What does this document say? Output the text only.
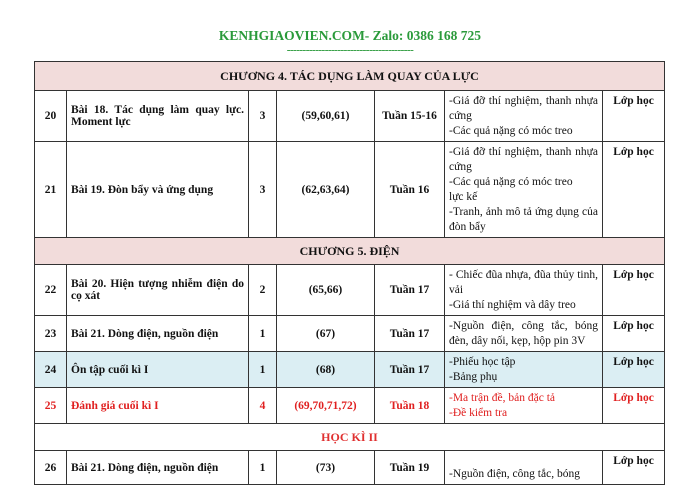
KENHGIAOVIEN.COM- Zalo: 0386 168 725
----------------------------------------
CHƯƠNG 4. TÁC DỤNG LÀM QUAY CỦA LỰC						
20	Bài 18. Tác dụng làm quay lực. Moment lực	3	(59,60,61)	Tuần 15-16	-Giá đỡ thí nghiệm, thanh nhựa cứng
-Các quả nặng có móc treo	Lớp học
21	Bài 19. Đòn bẩy và ứng dụng	3	(62,63,64)	Tuần 16	-Giá đỡ thí nghiệm, thanh nhựa cứng
-Các quả nặng có móc treo
lực kế
-Tranh, ảnh mô tả ứng dụng của đòn bẩy	Lớp học
CHƯƠNG 5. ĐIỆN						
22	Bài 20. Hiện tượng nhiễm điện do cọ xát	2	(65,66)	Tuần 17	- Chiếc đũa nhựa, đũa thủy tinh, vải
-Giá thí nghiệm và dây treo	Lớp học
23	Bài 21. Dòng điện, nguồn điện	1	(67)	Tuần 17	-Nguồn điện, công tắc, bóng đèn, dây nối, kẹp, hộp pin 3V	Lớp học
24	Ôn tập cuối kì I	1	(68)	Tuần 17	-Phiếu học tập
-Bảng phụ	Lớp học
25	Đánh giá cuối kì I	4	(69,70,71,72)	Tuần 18	-Ma trận đề, bản đặc tả
-Đề kiểm tra	Lớp học
HỌC KÌ II						
26	Bài 21. Dòng điện, nguồn điện	1	(73)	Tuần 19	-Nguồn điện, công tắc, bóng	Lớp học
